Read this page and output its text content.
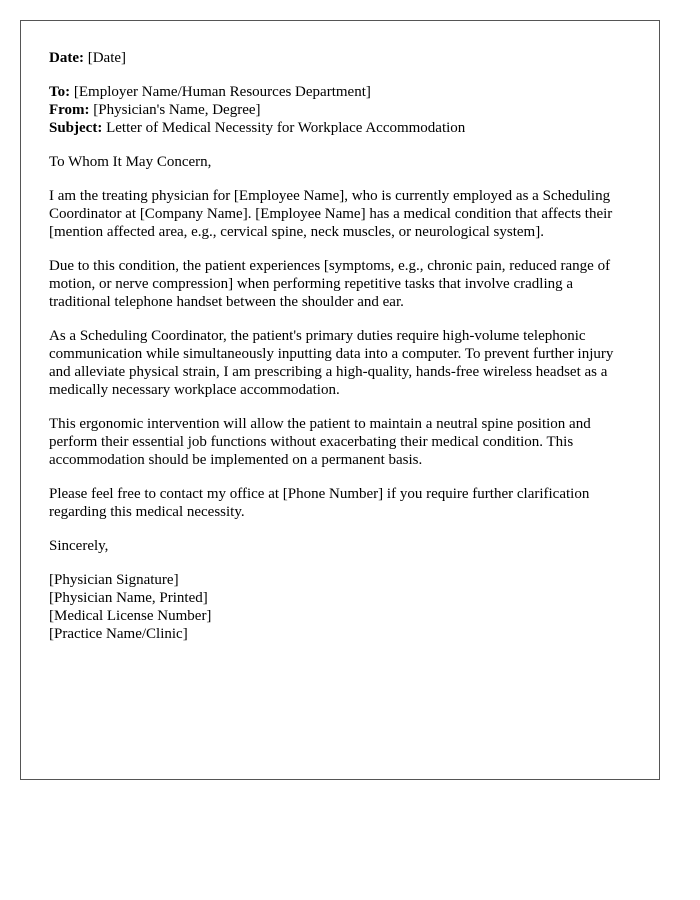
Date: [Date]
To: [Employer Name/Human Resources Department]
From: [Physician's Name, Degree]
Subject: Letter of Medical Necessity for Workplace Accommodation

To Whom It May Concern,

I am the treating physician for [Employee Name], who is currently employed as a Scheduling Coordinator at [Company Name]. [Employee Name] has a medical condition that affects their [mention affected area, e.g., cervical spine, neck muscles, or neurological system].

Due to this condition, the patient experiences [symptoms, e.g., chronic pain, reduced range of motion, or nerve compression] when performing repetitive tasks that involve cradling a traditional telephone handset between the shoulder and ear.

As a Scheduling Coordinator, the patient's primary duties require high-volume telephonic communication while simultaneously inputting data into a computer. To prevent further injury and alleviate physical strain, I am prescribing a high-quality, hands-free wireless headset as a medically necessary workplace accommodation.

This ergonomic intervention will allow the patient to maintain a neutral spine position and perform their essential job functions without exacerbating their medical condition. This accommodation should be implemented on a permanent basis.

Please feel free to contact my office at [Phone Number] if you require further clarification regarding this medical necessity.

Sincerely,

[Physician Signature]
[Physician Name, Printed]
[Medical License Number]
[Practice Name/Clinic]
